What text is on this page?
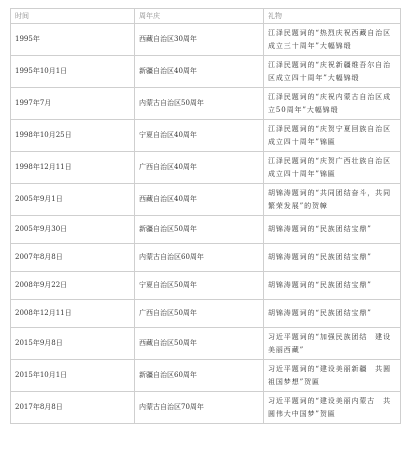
时间	周年庆	礼物
1995年	西藏自治区30周年	江泽民题词的“热烈庆祝西藏自治区成立三十周年”大幅锦缎
1995年10月1日	新疆自治区40周年	江泽民题词的“庆祝新疆维吾尔自治区成立四十周年”大幅锦缎
1997年7月	内蒙古自治区50周年	江泽民题词的“庆祝内蒙古自治区成立50周年”大幅锦缎
1998年10月25日	宁夏自治区40周年	江泽民题词的“庆贺宁夏回族自治区成立四十周年”锦匾
1998年12月11日	广西自治区40周年	江泽民题词的“庆贺广西壮族自治区成立四十周年”锦匾
2005年9月1日	西藏自治区40周年	胡锦涛题词的“共同团结奋斗，共同繁荣发展”的贺幛
2005年9月30日	新疆自治区50周年	胡锦涛题词的“民族团结宝鼎”
2007年8月8日	内蒙古自治区60周年	胡锦涛题词的“民族团结宝鼎”
2008年9月22日	宁夏自治区50周年	胡锦涛题词的“民族团结宝鼎”
2008年12月11日	广西自治区50周年	胡锦涛题词的“民族团结宝鼎”
2015年9月8日	西藏自治区50周年	习近平题词的“加强民族团结　建设美丽西藏”
2015年10月1日	新疆自治区60周年	习近平题词的“建设美丽新疆　共圆祖国梦想”贺匾
2017年8月8日	内蒙古自治区70周年	习近平题词的“建设美丽内蒙古　共圆伟大中国梦”贺匾
